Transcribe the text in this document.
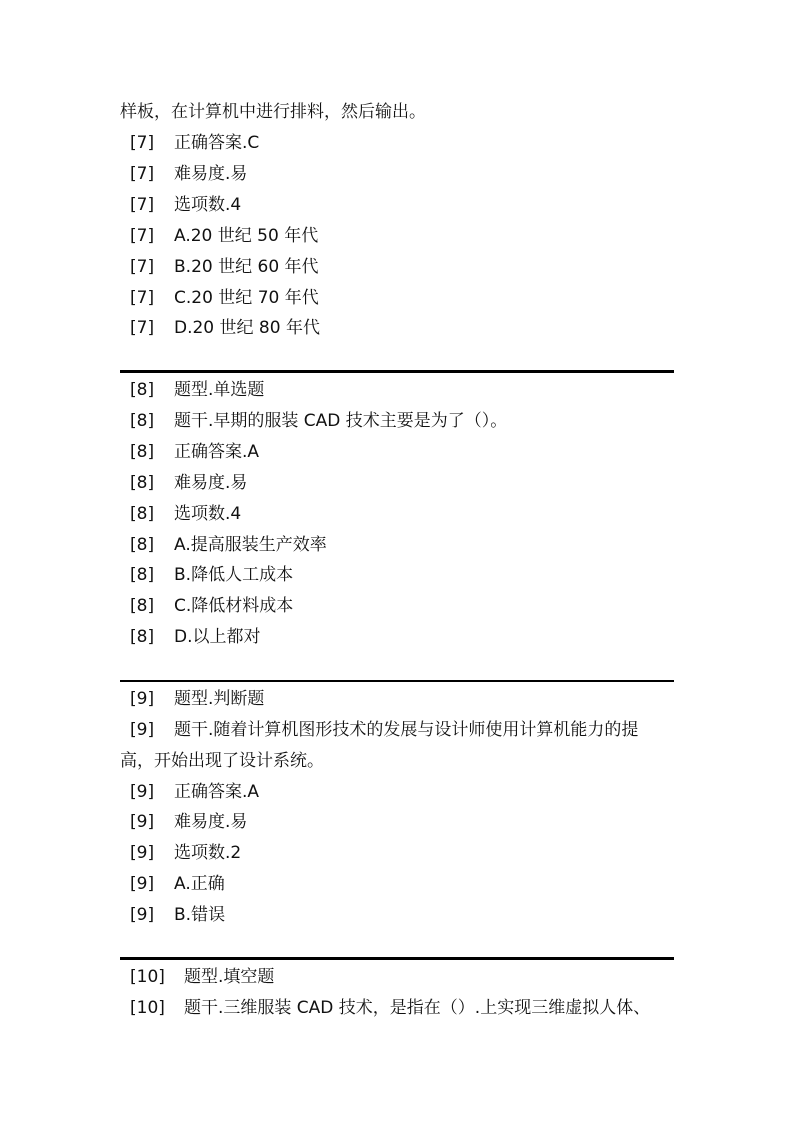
样板，在计算机中进行排料，然后输出。
[7] 正确答案.C
[7] 难易度.易
[7] 选项数.4
[7] A.20 世纪 50 年代
[7] B.20 世纪 60 年代
[7] C.20 世纪 70 年代
[7] D.20 世纪 80 年代
[8] 题型.单选题
[8] 题干.早期的服装 CAD 技术主要是为了（）。
[8] 正确答案.A
[8] 难易度.易
[8] 选项数.4
[8] A.提高服装生产效率
[8] B.降低人工成本
[8] C.降低材料成本
[8] D.以上都对
[9] 题型.判断题
[9] 题干.随着计算机图形技术的发展与设计师使用计算机能力的提
高，开始出现了设计系统。
[9] 正确答案.A
[9] 难易度.易
[9] 选项数.2
[9] A.正确
[9] B.错误
[10] 题型.填空题
[10] 题干.三维服装 CAD 技术，是指在（）.上实现三维虚拟人体、
